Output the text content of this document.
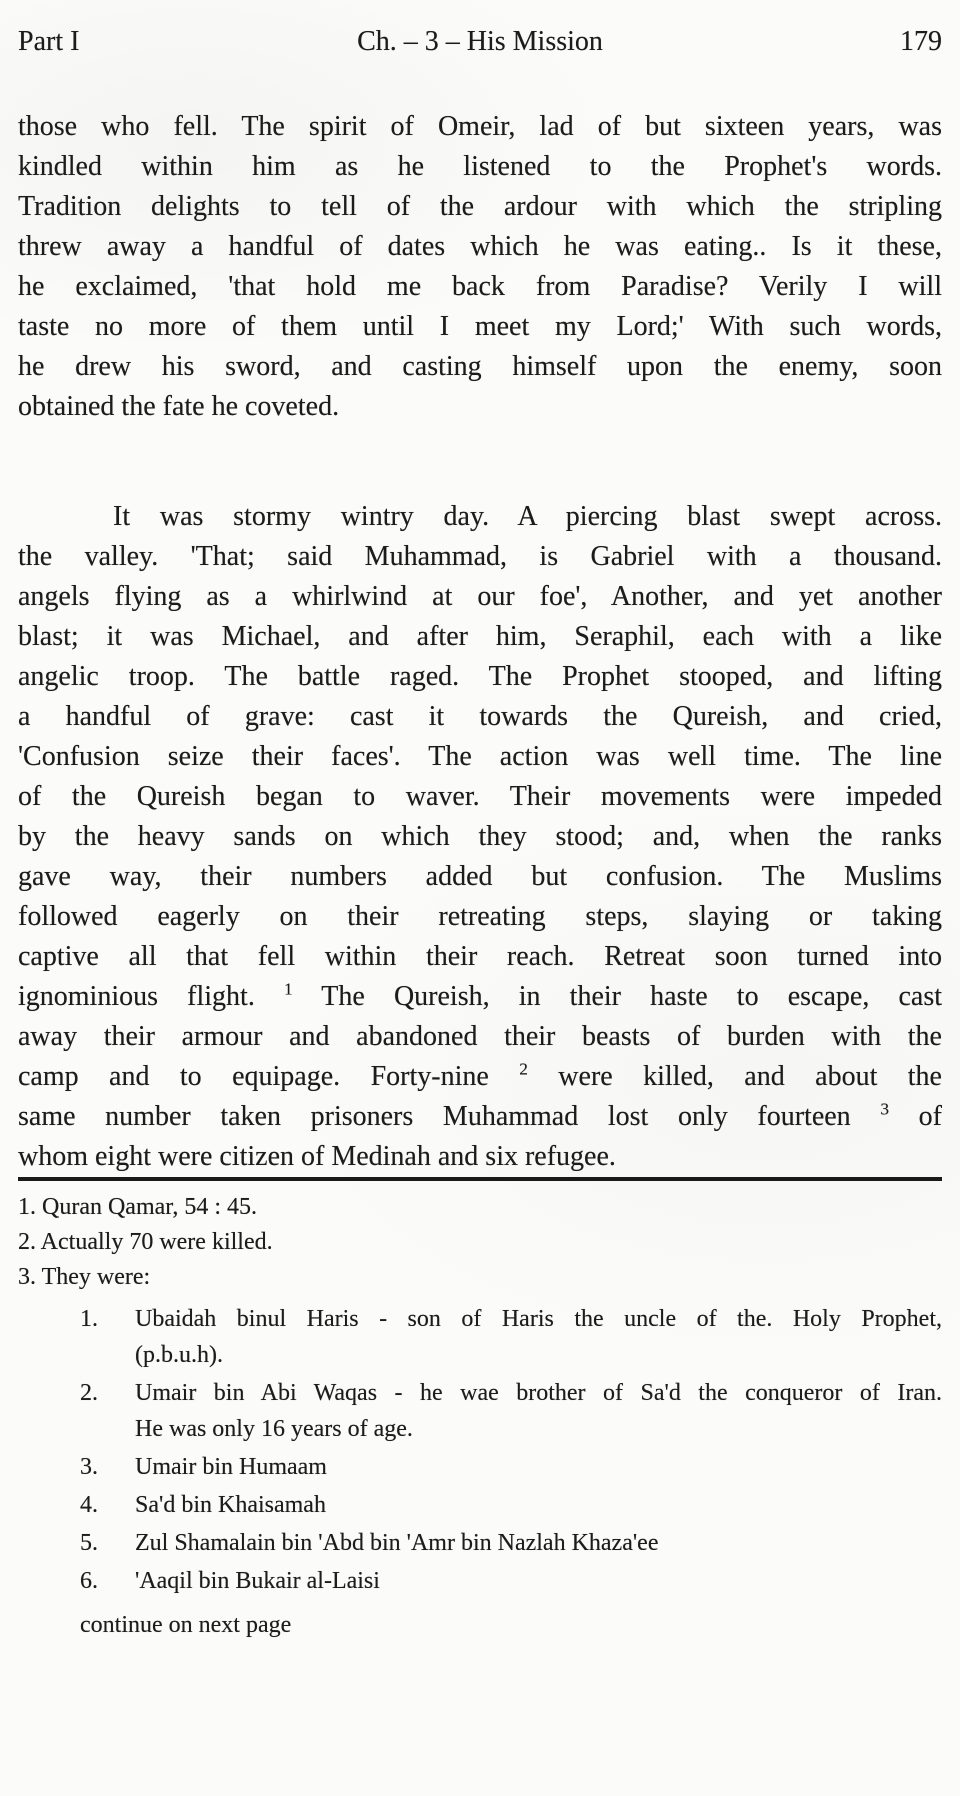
Part I	Ch. – 3 – His Mission	179
those who fell. The spirit of Omeir, lad of but sixteen years, was
kindled within him as he listened to the Prophet's words.
Tradition delights to tell of the ardour with which the stripling
threw away a handful of dates which he was eating.. Is it these,
he exclaimed, 'that hold me back from Paradise? Verily I will
taste no more of them until I meet my Lord;' With such words,
he drew his sword, and casting himself upon the enemy, soon
obtained the fate he coveted.
It was stormy wintry day. A piercing blast swept across.
the valley. 'That; said Muhammad, is Gabriel with a thousand.
angels flying as a whirlwind at our foe', Another, and yet another
blast; it was Michael, and after him, Seraphil, each with a like
angelic troop. The battle raged. The Prophet stooped, and lifting
a handful of grave: cast it towards the Qureish, and cried,
'Confusion seize their faces'. The action was well time. The line
of the Qureish began to waver. Their movements were impeded
by the heavy sands on which they stood; and, when the ranks
gave way, their numbers added but confusion. The Muslims
followed eagerly on their retreating steps, slaying or taking
captive all that fell within their reach. Retreat soon turned into
ignominious flight. $^1$ The Qureish, in their haste to escape, cast
away their armour and abandoned their beasts of burden with the
camp and to equipage. Forty-nine $^2$ were killed, and about the
same number taken prisoners Muhammad lost only fourteen $^3$ of
whom eight were citizen of Medinah and six refugee.
1. Quran Qamar, 54 : 45.
2. Actually 70 were killed.
3. They were:
1.	Ubaidah binul Haris - son of Haris the uncle of the. Holy Prophet,
(p.b.u.h).
2.	Umair bin Abi Waqas - he wae brother of Sa'd the conqueror of Iran.
He was only 16 years of age.
3.	Umair bin Humaam
4.	Sa'd bin Khaisamah
5.	Zul Shamalain bin 'Abd bin 'Amr bin Nazlah Khaza'ee
6.	'Aaqil bin Bukair al-Laisi
continue on next page
